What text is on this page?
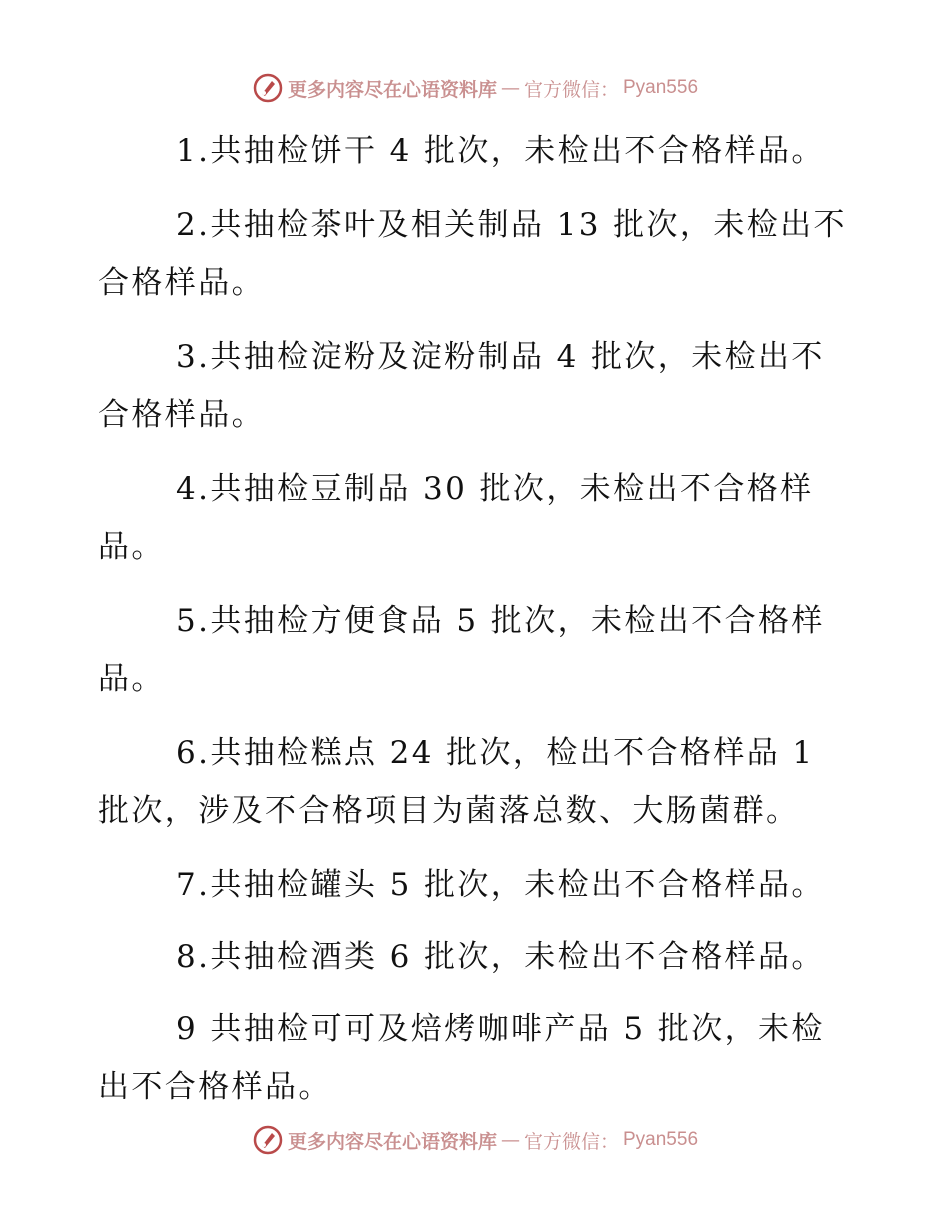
更多内容尽在心语资料库 — 官方微信： Pyan556

1.共抽检饼干 4 批次，未检出不合格样品。

2.共抽检茶叶及相关制品 13 批次，未检出不合格样品。

3.共抽检淀粉及淀粉制品 4 批次，未检出不合格样品。

4.共抽检豆制品 30 批次，未检出不合格样品。

5.共抽检方便食品 5 批次，未检出不合格样品。

6.共抽检糕点 24 批次，检出不合格样品 1 批次，涉及不合格项目为菌落总数、大肠菌群。

7.共抽检罐头 5 批次，未检出不合格样品。

8.共抽检酒类 6 批次，未检出不合格样品。

9 共抽检可可及焙烤咖啡产品 5 批次，未检出不合格样品。

更多内容尽在心语资料库 — 官方微信： Pyan556
